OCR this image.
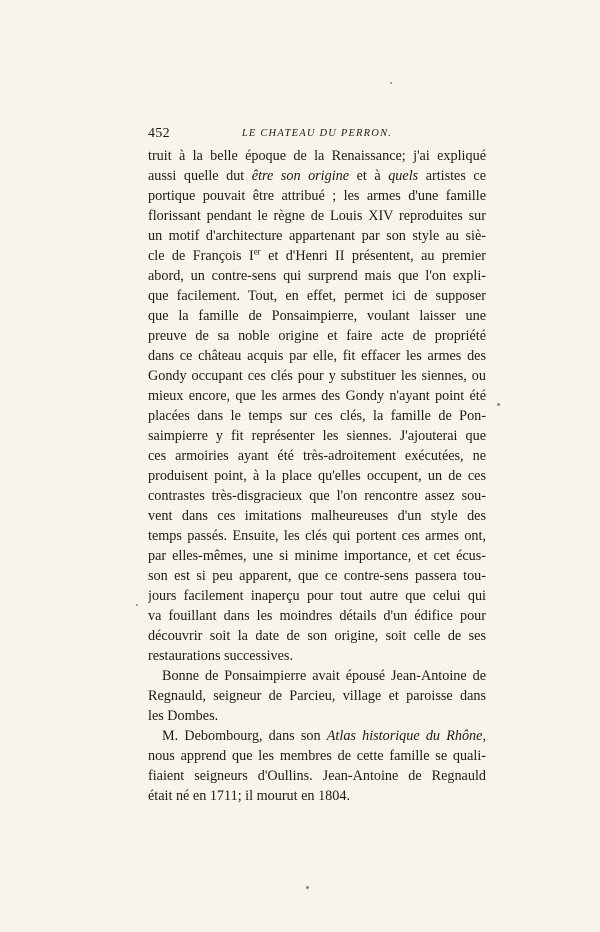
452	LE CHATEAU DU PERRON.
truit à la belle époque de la Renaissance; j'ai expliqué
aussi quelle dut être son origine et à quels artistes ce
portique pouvait être attribué ; les armes d'une famille
florissant pendant le règne de Louis XIV reproduites sur
un motif d'architecture appartenant par son style au siè-
cle de François Ier et d'Henri II présentent, au premier
abord, un contre-sens qui surprend mais que l'on expli-
que facilement. Tout, en effet, permet ici de supposer
que la famille de Ponsaimpierre, voulant laisser une
preuve de sa noble origine et faire acte de propriété
dans ce château acquis par elle, fit effacer les armes des
Gondy occupant ces clés pour y substituer les siennes, ou
mieux encore, que les armes des Gondy n'ayant point été
placées dans le temps sur ces clés, la famille de Pon-
saimpierre y fit représenter les siennes. J'ajouterai que
ces armoiries ayant été très-adroitement exécutées, ne
produisent point, à la place qu'elles occupent, un de ces
contrastes très-disgracieux que l'on rencontre assez sou-
vent dans ces imitations malheureuses d'un style des
temps passés. Ensuite, les clés qui portent ces armes ont,
par elles-mêmes, une si minime importance, et cet écus-
son est si peu apparent, que ce contre-sens passera tou-
jours facilement inaperçu pour tout autre que celui qui
va fouillant dans les moindres détails d'un édifice pour
découvrir soit la date de son origine, soit celle de ses
restaurations successives.
Bonne de Ponsaimpierre avait épousé Jean-Antoine de
Regnauld, seigneur de Parcieu, village et paroisse dans
les Dombes.
M. Debombourg, dans son Atlas historique du Rhône,
nous apprend que les membres de cette famille se quali-
fiaient seigneurs d'Oullins. Jean-Antoine de Regnauld
était né en 1711; il mourut en 1804.
